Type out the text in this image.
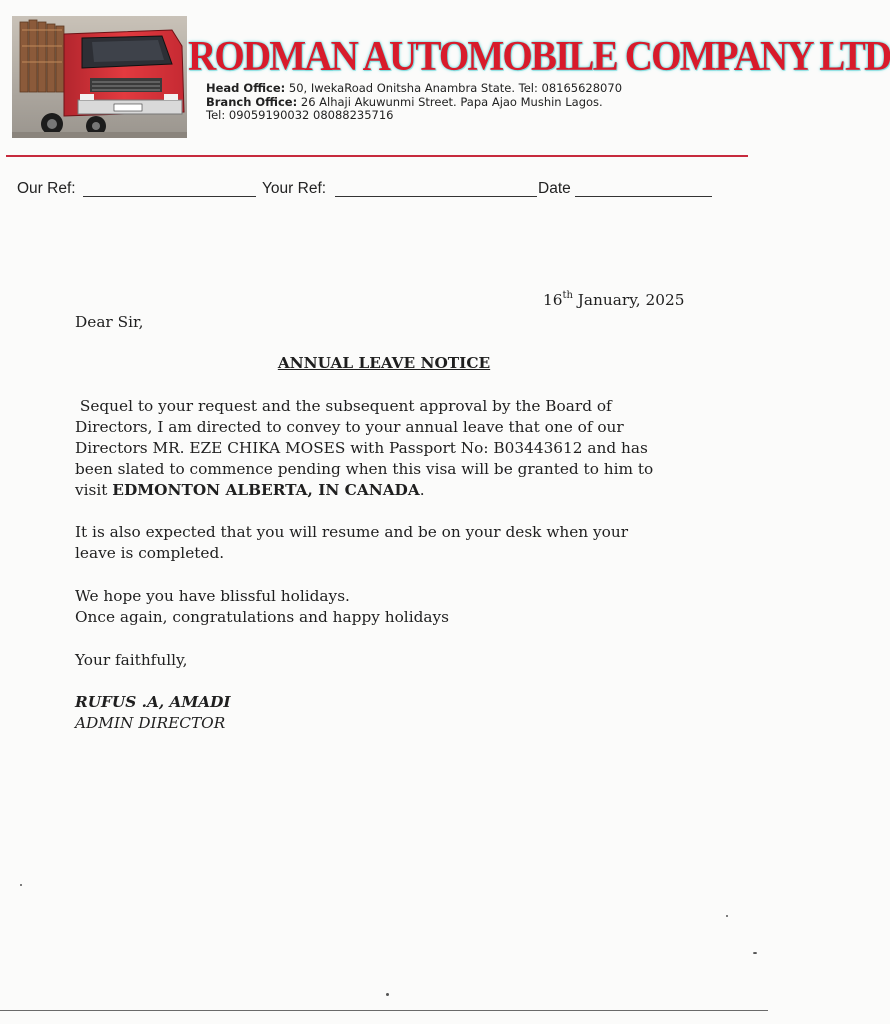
RODMAN AUTOMOBILE COMPANY LTD
Head Office: 50, IwekaRoad Onitsha Anambra State. Tel: 08165628070
Branch Office: 26 Alhaji Akuwunmi Street. Papa Ajao Mushin Lagos.
Tel: 09059190032 08088235716
Our Ref:	Your Ref:	Date
16th January, 2025
Dear Sir,
ANNUAL LEAVE NOTICE
Sequel to your request and the subsequent approval by the Board of
Directors, I am directed to convey to your annual leave that one of our
Directors MR. EZE CHIKA MOSES with Passport No: B03443612 and has
been slated to commence pending when this visa will be granted to him to
visit EDMONTON ALBERTA, IN CANADA.
It is also expected that you will resume and be on your desk when your
leave is completed.
We hope you have blissful holidays.
Once again, congratulations and happy holidays
Your faithfully,
RUFUS .A, AMADI
ADMIN DIRECTOR
